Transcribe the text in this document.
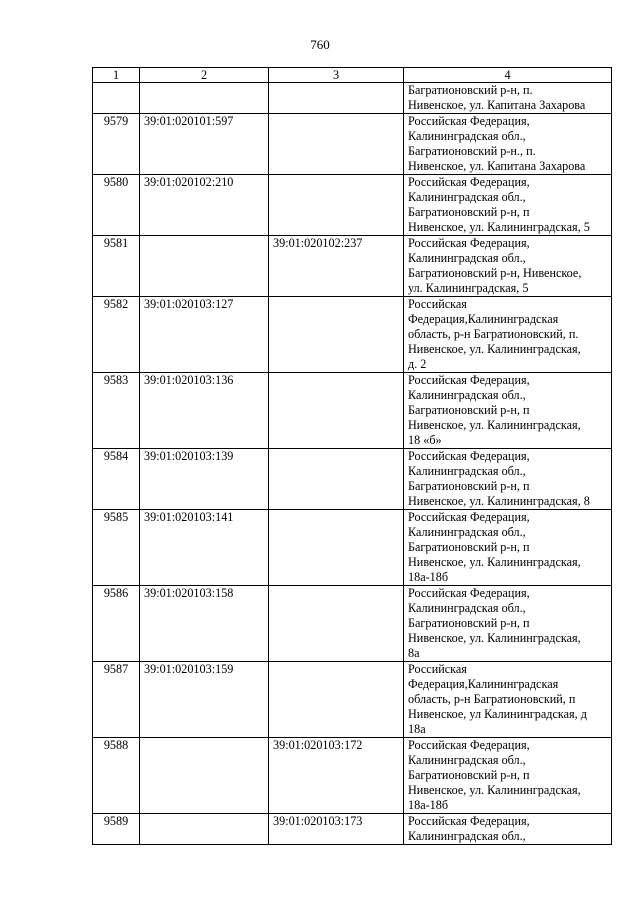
760
1	2	3	4

			Багратионовский р-н, п.
Нивенское, ул. Капитана Захарова

9579	39:01:020101:597		Российская Федерация,
Калининградская обл.,
Багратионовский р-н., п.
Нивенское, ул. Капитана Захарова

9580	39:01:020102:210		Российская Федерация,
Калининградская обл.,
Багратионовский р-н, п
Нивенское, ул. Калининградская, 5

9581		39:01:020102:237	Российская Федерация,
Калининградская обл.,
Багратионовский р-н, Нивенское,
ул. Калининградская, 5

9582	39:01:020103:127		Российская
Федерация,Калининградская
область, р-н Багратионовский, п.
Нивенское, ул. Калининградская,
д. 2

9583	39:01:020103:136		Российская Федерация,
Калининградская обл.,
Багратионовский р-н, п
Нивенское, ул. Калининградская,
18 «б»

9584	39:01:020103:139		Российская Федерация,
Калининградская обл.,
Багратионовский р-н, п
Нивенское, ул. Калининградская, 8

9585	39:01:020103:141		Российская Федерация,
Калининградская обл.,
Багратионовский р-н, п
Нивенское, ул. Калининградская,
18а-18б

9586	39:01:020103:158		Российская Федерация,
Калининградская обл.,
Багратионовский р-н, п
Нивенское, ул. Калининградская,
8а

9587	39:01:020103:159		Российская
Федерация,Калининградская
область, р-н Багратионовский, п
Нивенское, ул Калининградская, д
18а

9588		39:01:020103:172	Российская Федерация,
Калининградская обл.,
Багратионовский р-н, п
Нивенское, ул. Калининградская,
18а-18б

9589		39:01:020103:173	Российская Федерация,
Калининградская обл.,
